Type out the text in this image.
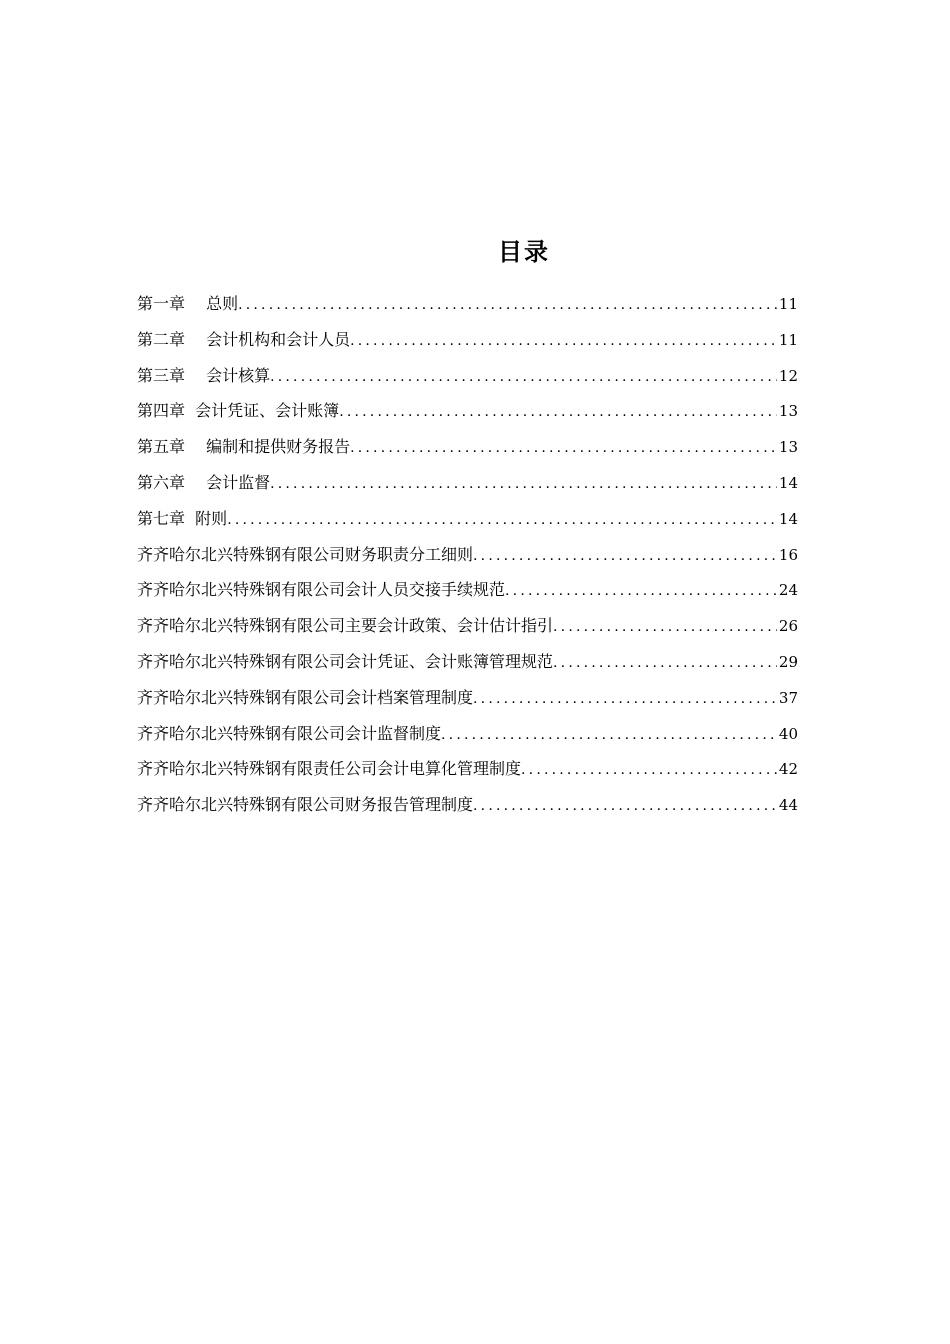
目录
第一章　 总则 .....	11
第二章　 会计机构和会计人员 .....	11
第三章　 会计核算 .....	12
第四章  会计凭证、会计账簿 .....	13
第五章　 编制和提供财务报告 .....	13
第六章　 会计监督 .....	14
第七章  附则 .....	14
齐齐哈尔北兴特殊钢有限公司财务职责分工细则 .....	16
齐齐哈尔北兴特殊钢有限公司会计人员交接手续规范 .....	24
齐齐哈尔北兴特殊钢有限公司主要会计政策、会计估计指引 .....	26
齐齐哈尔北兴特殊钢有限公司会计凭证、会计账簿管理规范 .....	29
齐齐哈尔北兴特殊钢有限公司会计档案管理制度 .....	37
齐齐哈尔北兴特殊钢有限公司会计监督制度 .....	40
齐齐哈尔北兴特殊钢有限责任公司会计电算化管理制度 .....	42
齐齐哈尔北兴特殊钢有限公司财务报告管理制度 .....	44
